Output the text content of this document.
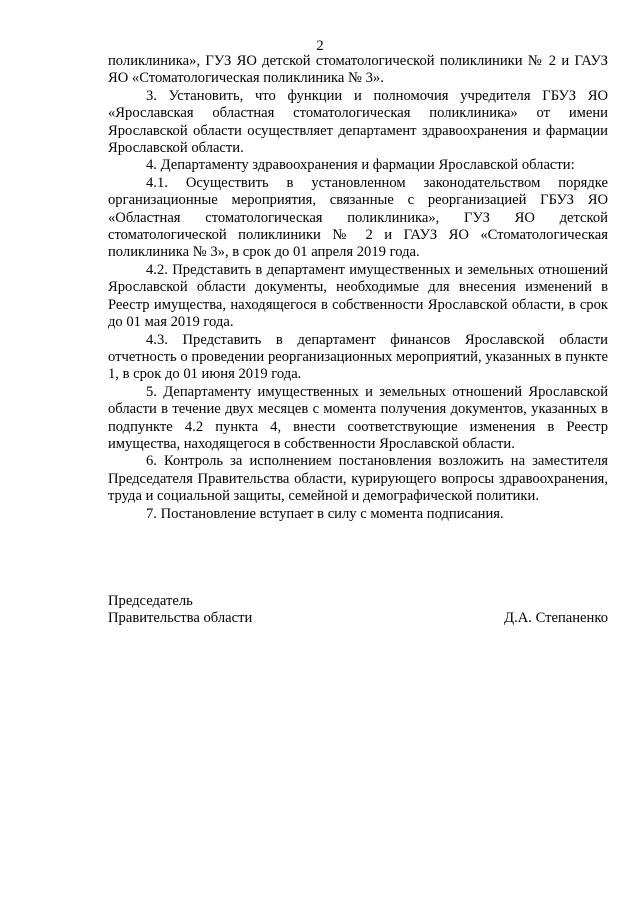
2

поликлиника», ГУЗ ЯО детской стоматологической поликлиники № 2 и ГАУЗ ЯО «Стоматологическая поликлиника № 3».

3. Установить, что функции и полномочия учредителя ГБУЗ ЯО «Ярославская областная стоматологическая поликлиника» от имени Ярославской области осуществляет департамент здравоохранения и фармации Ярославской области.

4. Департаменту здравоохранения и фармации Ярославской области:

4.1. Осуществить в установленном законодательством порядке организационные мероприятия, связанные с реорганизацией ГБУЗ ЯО «Областная стоматологическая поликлиника», ГУЗ ЯО детской стоматологической поликлиники № 2 и ГАУЗ ЯО «Стоматологическая поликлиника № 3», в срок до 01 апреля 2019 года.

4.2. Представить в департамент имущественных и земельных отношений Ярославской области документы, необходимые для внесения изменений в Реестр имущества, находящегося в собственности Ярославской области, в срок до 01 мая 2019 года.

4.3. Представить в департамент финансов Ярославской области отчетность о проведении реорганизационных мероприятий, указанных в пункте 1, в срок до 01 июня 2019 года.

5. Департаменту имущественных и земельных отношений Ярославской области в течение двух месяцев с момента получения документов, указанных в подпункте 4.2 пункта 4, внести соответствующие изменения в Реестр имущества, находящегося в собственности Ярославской области.

6. Контроль за исполнением постановления возложить на заместителя Председателя Правительства области, курирующего вопросы здравоохранения, труда и социальной защиты, семейной и демографической политики.

7. Постановление вступает в силу с момента подписания.

Председатель
Правительства области	Д.А. Степаненко
